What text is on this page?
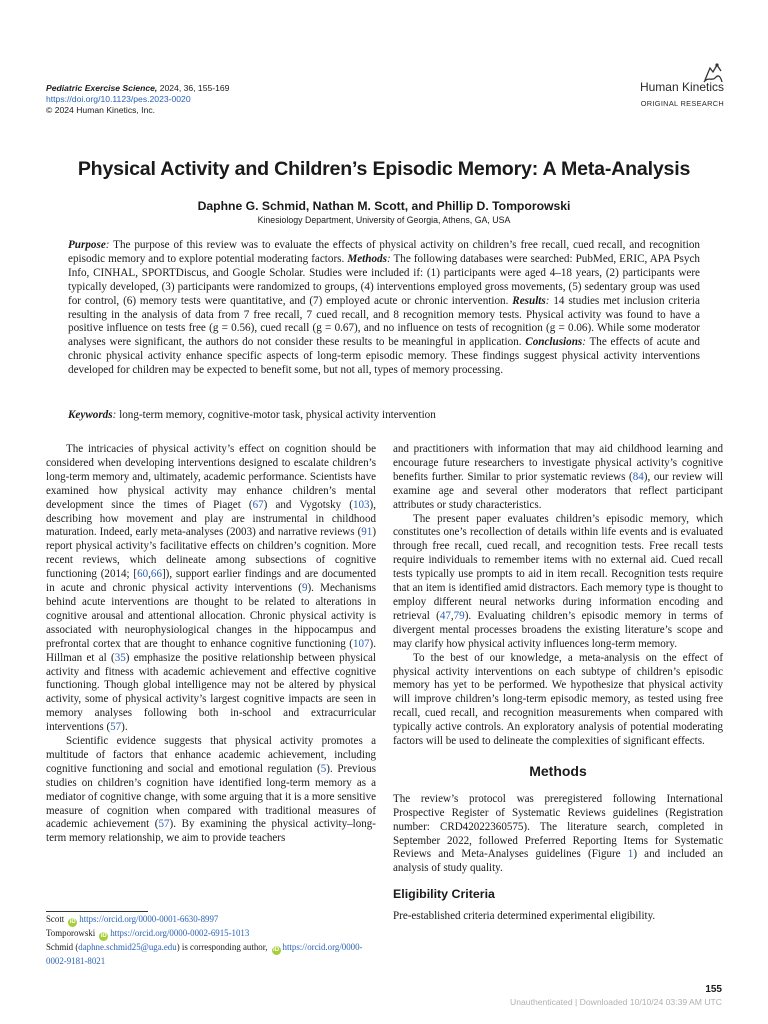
Pediatric Exercise Science, 2024, 36, 155-169
https://doi.org/10.1123/pes.2023-0020
© 2024 Human Kinetics, Inc.
Human Kinetics
ORIGINAL RESEARCH
Physical Activity and Children’s Episodic Memory: A Meta-Analysis
Daphne G. Schmid, Nathan M. Scott, and Phillip D. Tomporowski
Kinesiology Department, University of Georgia, Athens, GA, USA
Purpose: The purpose of this review was to evaluate the effects of physical activity on children’s free recall, cued recall, and recognition episodic memory and to explore potential moderating factors. Methods: The following databases were searched: PubMed, ERIC, APA Psych Info, CINHAL, SPORTDiscus, and Google Scholar. Studies were included if: (1) participants were aged 4–18 years, (2) participants were typically developed, (3) participants were randomized to groups, (4) interventions employed gross movements, (5) sedentary group was used for control, (6) memory tests were quantitative, and (7) employed acute or chronic intervention. Results: 14 studies met inclusion criteria resulting in the analysis of data from 7 free recall, 7 cued recall, and 8 recognition memory tests. Physical activity was found to have a positive influence on tests free (g = 0.56), cued recall (g = 0.67), and no influence on tests of recognition (g = 0.06). While some moderator analyses were significant, the authors do not consider these results to be meaningful in application. Conclusions: The effects of acute and chronic physical activity enhance specific aspects of long-term episodic memory. These findings suggest physical activity interventions developed for children may be expected to benefit some, but not all, types of memory processing.
Keywords: long-term memory, cognitive-motor task, physical activity intervention

The intricacies of physical activity’s effect on cognition should be considered when developing interventions designed to escalate children’s long-term memory and, ultimately, academic performance. Scientists have examined how physical activity may enhance children’s mental development since the times of Piaget (67) and Vygotsky (103), describing how movement and play are instrumental in childhood maturation. Indeed, early meta-analyses (2003) and narrative reviews (91) report physical activity’s facilitative effects on children’s cognition. More recent reviews, which delineate among subsections of cognitive functioning (2014; [60,66]), support earlier findings and are documented in acute and chronic physical activity interventions (9). Mechanisms behind acute interventions are thought to be related to alterations in cognitive arousal and attentional allocation. Chronic physical activity is associated with neurophysiological changes in the hippocampus and prefrontal cortex that are thought to enhance cognitive functioning (107). Hillman et al (35) emphasize the positive relationship between physical activity and fitness with academic achievement and effective cognitive functioning. Though global intelligence may not be altered by physical activity, some of physical activity’s largest cognitive impacts are seen in memory analyses following both in-school and extracurricular interventions (57).

Scientific evidence suggests that physical activity promotes a multitude of factors that enhance academic achievement, including cognitive functioning and social and emotional regulation (5). Previous studies on children’s cognition have identified long-term memory as a mediator of cognitive change, with some arguing that it is a more sensitive measure of cognition when compared with traditional measures of academic achievement (57). By examining the physical activity–long-term memory relationship, we aim to provide teachers

and practitioners with information that may aid childhood learning and encourage future researchers to investigate physical activity’s cognitive benefits further. Similar to prior systematic reviews (84), our review will examine age and several other moderators that reflect participant attributes or study characteristics.

The present paper evaluates children’s episodic memory, which constitutes one’s recollection of details within life events and is evaluated through free recall, cued recall, and recognition tests. Free recall tests require individuals to remember items with no external aid. Cued recall tests typically use prompts to aid in item recall. Recognition tests require that an item is identified amid distractors. Each memory type is thought to employ different neural networks during information encoding and retrieval (47,79). Evaluating children’s episodic memory in terms of divergent mental processes broadens the existing literature’s scope and may clarify how physical activity influences long-term memory.

To the best of our knowledge, a meta-analysis on the effect of physical activity interventions on each subtype of children’s episodic memory has yet to be performed. We hypothesize that physical activity will improve children’s long-term episodic memory, as tested using free recall, cued recall, and recognition measurements when compared with typically active controls. An exploratory analysis of potential moderating factors will be used to delineate the complexities of significant effects.

Methods

The review’s protocol was preregistered following International Prospective Register of Systematic Reviews guidelines (Registration number: CRD42022360575). The literature search, completed in September 2022, followed Preferred Reporting Items for Systematic Reviews and Meta-Analyses guidelines (Figure 1) and included an analysis of study quality.

Eligibility Criteria

Pre-established criteria determined experimental eligibility.

Scott iD https://orcid.org/0000-0001-6630-8997
Tomporowski iD https://orcid.org/0000-0002-6915-1013
Schmid (daphne.schmid25@uga.edu) is corresponding author, iD https://orcid.org/0000-0002-9181-8021
155
Unauthenticated | Downloaded 10/10/24 03:39 AM UTC
